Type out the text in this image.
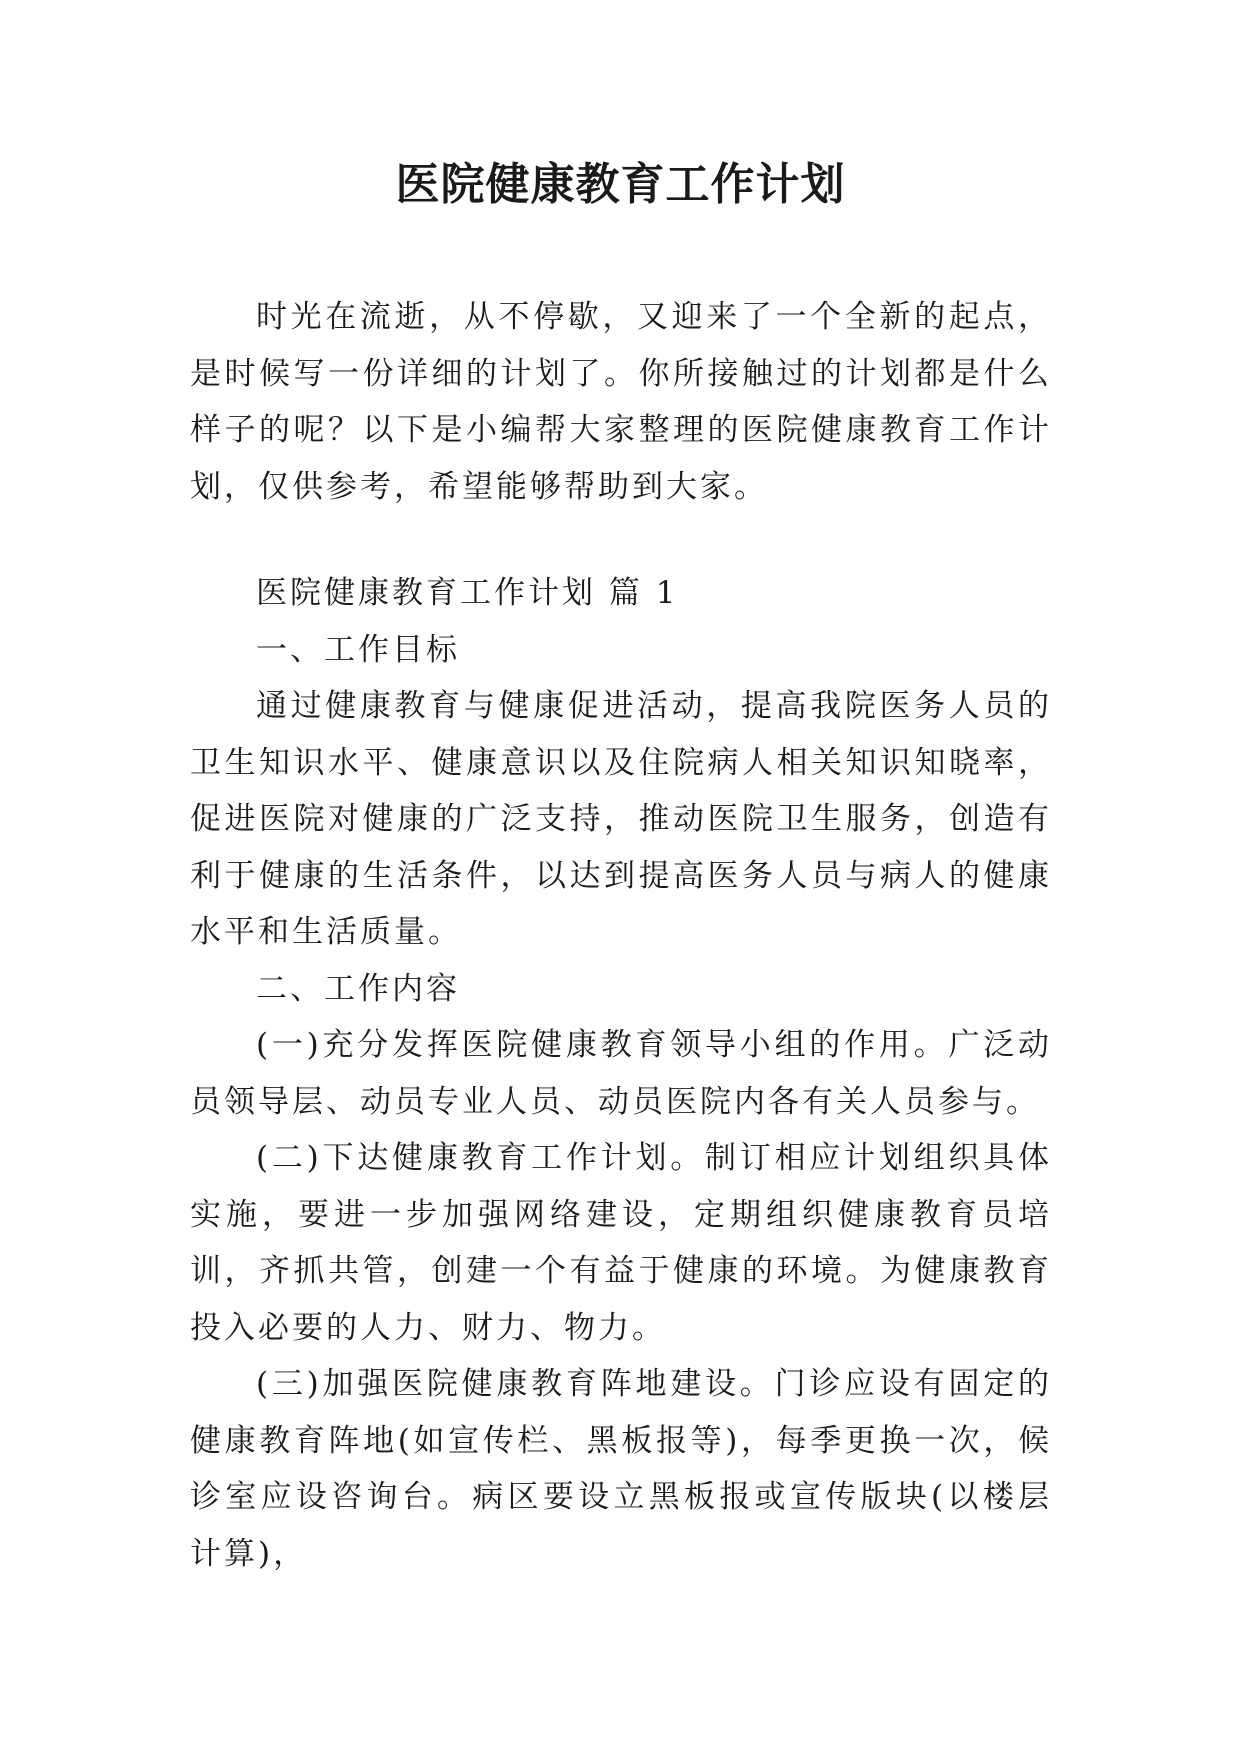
医院健康教育工作计划

时光在流逝，从不停歇，又迎来了一个全新的起点，是时候写一份详细的计划了。你所接触过的计划都是什么样子的呢？以下是小编帮大家整理的医院健康教育工作计划，仅供参考，希望能够帮助到大家。

医院健康教育工作计划 篇 1

一、工作目标

通过健康教育与健康促进活动，提高我院医务人员的卫生知识水平、健康意识以及住院病人相关知识知晓率，促进医院对健康的广泛支持，推动医院卫生服务，创造有利于健康的生活条件，以达到提高医务人员与病人的健康水平和生活质量。

二、工作内容

(一)充分发挥医院健康教育领导小组的作用。广泛动员领导层、动员专业人员、动员医院内各有关人员参与。

(二)下达健康教育工作计划。制订相应计划组织具体实施，要进一步加强网络建设，定期组织健康教育员培训，齐抓共管，创建一个有益于健康的环境。为健康教育投入必要的人力、财力、物力。

(三)加强医院健康教育阵地建设。门诊应设有固定的健康教育阵地(如宣传栏、黑板报等)，每季更换一次，候诊室应设咨询台。病区要设立黑板报或宣传版块(以楼层计算)，
